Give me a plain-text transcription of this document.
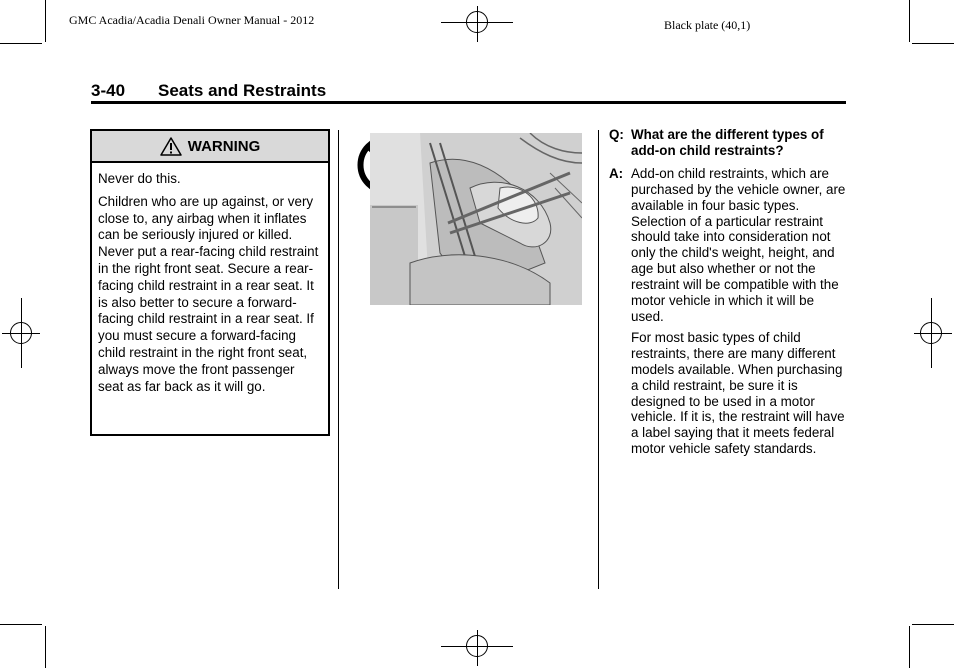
GMC Acadia/Acadia Denali Owner Manual - 2012	Black plate (40,1)
3-40 Seats and Restraints
WARNING

Never do this.

Children who are up against, or very close to, any airbag when it inflates can be seriously injured or killed. Never put a rear-facing child restraint in the right front seat. Secure a rear-facing child restraint in a rear seat. It is also better to secure a forward-facing child restraint in a rear seat. If you must secure a forward-facing child restraint in the right front seat, always move the front passenger seat as far back as it will go.

Q: What are the different types of add-on child restraints?
A: Add-on child restraints, which are purchased by the vehicle owner, are available in four basic types. Selection of a particular restraint should take into consideration not only the child's weight, height, and age but also whether or not the restraint will be compatible with the motor vehicle in which it will be used.

For most basic types of child restraints, there are many different models available. When purchasing a child restraint, be sure it is designed to be used in a motor vehicle. If it is, the restraint will have a label saying that it meets federal motor vehicle safety standards.
